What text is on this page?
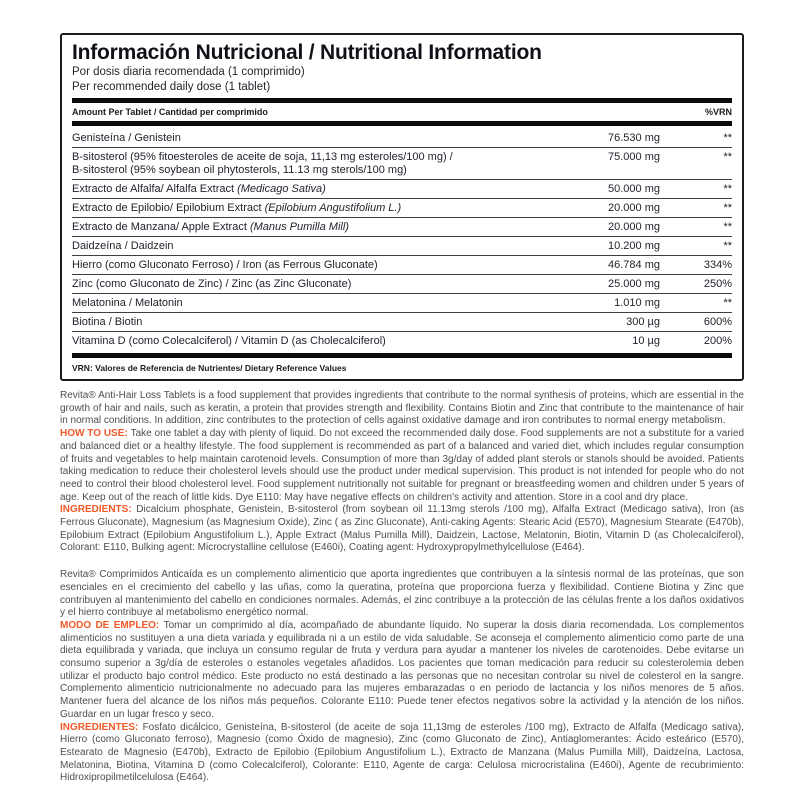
Información Nutricional / Nutritional Information
Por dosis diaria recomendada (1 comprimido)
Per recommended daily dose (1 tablet)
Amount Per Tablet / Cantidad per comprimido	%VRN
Genisteína / Genistein	76.530 mg	**
B-sitosterol (95% fitoesteroles de aceite de soja, 11,13 mg esteroles/100 mg) /
B-sitosterol (95% soybean oil phytosterols, 11.13 mg sterols/100 mg)
75.000 mg	**
Extracto de Alfalfa/ Alfalfa Extract (Medicago Sativa)	50.000 mg	**
Extracto de Epilobio/ Epilobium Extract (Epilobium Angustifolium L.)	20.000 mg	**
Extracto de Manzana/ Apple Extract (Manus Pumilla Mill)	20.000 mg	**
Daidzeína / Daidzein	10.200 mg	**
Hierro (como Gluconato Ferroso) / Iron (as Ferrous Gluconate)	46.784 mg	334%
Zinc (como Gluconato de Zinc) / Zinc (as Zinc Gluconate)	25.000 mg	250%
Melatonina / Melatonin	1.010 mg	**
Biotina / Biotin	300 µg	600%
Vitamina D (como Colecalciferol) / Vitamin D (as Cholecalciferol)	10 µg	200%
VRN: Valores de Referencia de Nutrientes/ Dietary Reference Values
Revita® Anti-Hair Loss Tablets is a food supplement that provides ingredients that contribute to the normal synthesis of proteins, which are essential in the growth of hair and nails, such as keratin, a protein that provides strength and flexibility. Contains Biotin and Zinc that contribute to the maintenance of hair in normal conditions. In addition, zinc contributes to the protection of cells against oxidative damage and iron contributes to normal energy metabolism.
HOW TO USE: Take one tablet a day with plenty of liquid. Do not exceed the recommended daily dose. Food supplements are not a substitute for a varied and balanced diet or a healthy lifestyle. The food supplement is recommended as part of a balanced and varied diet, which includes regular consumption of fruits and vegetables to help maintain carotenoid levels. Consumption of more than 3g/day of added plant sterols or stanols should be avoided. Patients taking medication to reduce their cholesterol levels should use the product under medical supervision. This product is not intended for people who do not need to control their blood cholesterol level. Food supplement nutritionally not suitable for pregnant or breastfeeding women and children under 5 years of age. Keep out of the reach of little kids. Dye E110: May have negative effects on children's activity and attention. Store in a cool and dry place.
INGREDIENTS: Dicalcium phosphate, Genistein, B-sitosterol (from soybean oil 11.13mg sterols /100 mg), Alfalfa Extract (Medicago sativa), Iron (as Ferrous Gluconate), Magnesium (as Magnesium Oxide), Zinc ( as Zinc Gluconate), Anti-caking Agents: Stearic Acid (E570), Magnesium Stearate (E470b), Epilobium Extract (Epilobium Angustifolium L.), Apple Extract (Malus Pumilla Mill), Daidzein, Lactose, Melatonin, Biotin, Vitamin D (as Cholecalciferol), Colorant: E110, Bulking agent: Microcrystalline cellulose (E460i), Coating agent: Hydroxypropylmethylcellulose (E464).
Revita® Comprimidos Anticaída es un complemento alimenticio que aporta ingredientes que contribuyen a la síntesis normal de las proteínas, que son esenciales en el crecimiento del cabello y las uñas, como la queratina, proteína que proporciona fuerza y flexibilidad. Contiene Biotina y Zinc que contribuyen al mantenimiento del cabello en condiciones normales. Además, el zinc contribuye a la protección de las células frente a los daños oxidativos y el hierro contribuye al metabolismo energético normal.
MODO DE EMPLEO: Tomar un comprimido al día, acompañado de abundante líquido. No superar la dosis diaria recomendada. Los complementos alimenticios no sustituyen a una dieta variada y equilibrada ni a un estilo de vida saludable. Se aconseja el complemento alimenticio como parte de una dieta equilibrada y variada, que incluya un consumo regular de fruta y verdura para ayudar a mantener los niveles de carotenoides. Debe evitarse un consumo superior a 3g/día de esteroles o estanoles vegetales añadidos. Los pacientes que toman medicación para reducir su colesterolemia deben utilizar el producto bajo control médico. Este producto no está destinado a las personas que no necesitan controlar su nivel de colesterol en la sangre. Complemento alimenticio nutricionalmente no adecuado para las mujeres embarazadas o en periodo de lactancia y los niños menores de 5 años. Mantener fuera del alcance de los niños más pequeños. Colorante E110: Puede tener efectos negativos sobre la actividad y la atención de los niños. Guardar en un lugar fresco y seco.
INGREDIENTES: Fosfato dicálcico, Genisteína, B-sitosterol (de aceite de soja 11,13mg de esteroles /100 mg), Extracto de Alfalfa (Medicago sativa), Hierro (como Gluconato ferroso), Magnesio (como Óxido de magnesio), Zinc (como Gluconato de Zinc), Antiaglomerantes: Ácido esteárico (E570), Estearato de Magnesio (E470b), Extracto de Epilobio (Epilobium Angustifolium L.), Extracto de Manzana (Malus Pumilla Mill), Daidzeína, Lactosa, Melatonina, Biotina, Vitamina D (como Colecalciferol), Colorante: E110, Agente de carga: Celulosa microcristalina (E460i), Agente de recubrimiento: Hidroxipropilmetilcelulosa (E464).
